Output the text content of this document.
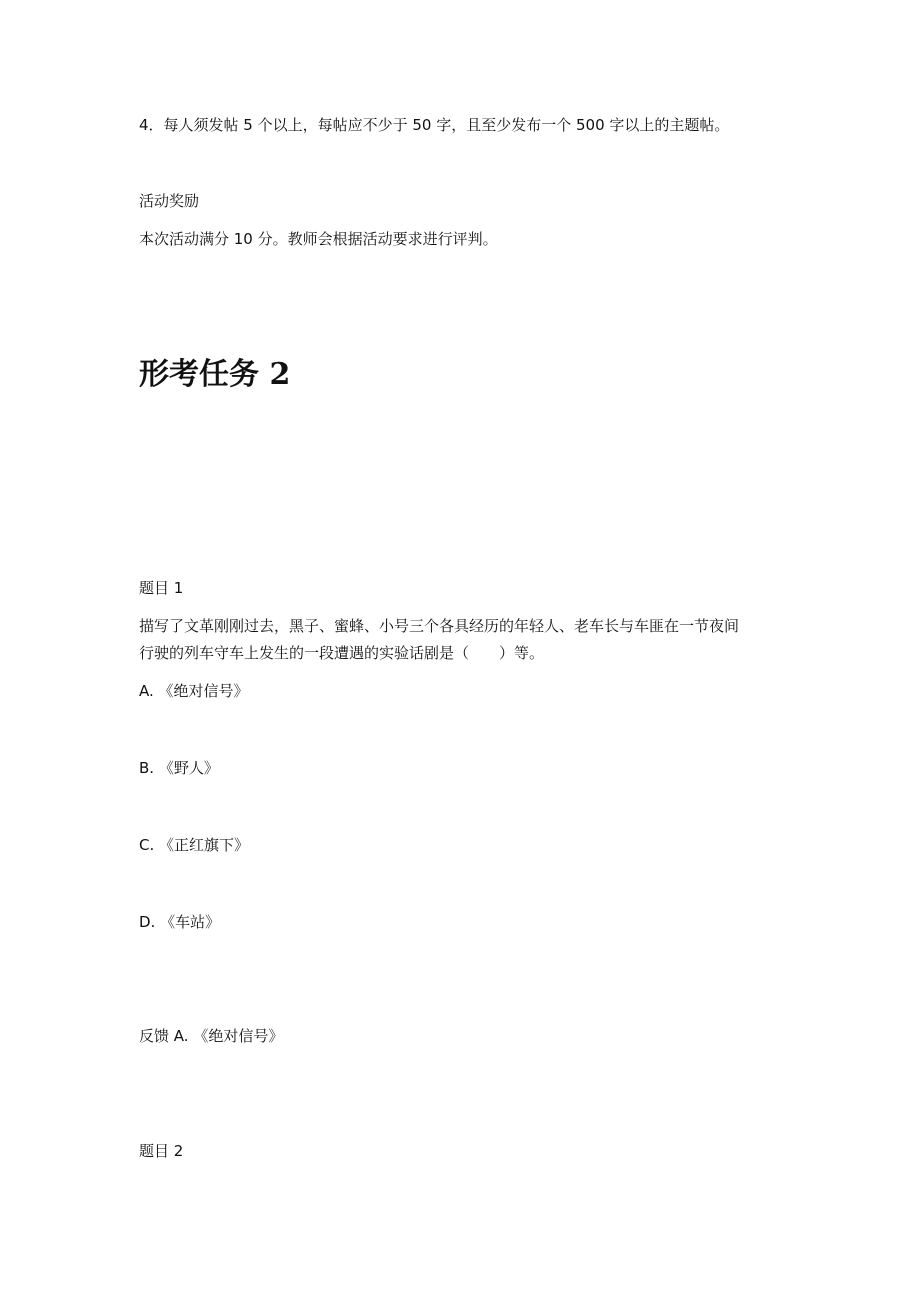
4．每人须发帖 5 个以上，每帖应不少于 50 字，且至少发布一个 500 字以上的主题帖。
活动奖励
本次活动满分 10 分。教师会根据活动要求进行评判。
形考任务 2
题目 1
描写了文革刚刚过去，黑子、蜜蜂、小号三个各具经历的年轻人、老车长与车匪在一节夜间
行驶的列车守车上发生的一段遭遇的实验话剧是（　　）等。
A. 《绝对信号》
B. 《野人》
C. 《正红旗下》
D. 《车站》
反馈 A. 《绝对信号》
题目 2
